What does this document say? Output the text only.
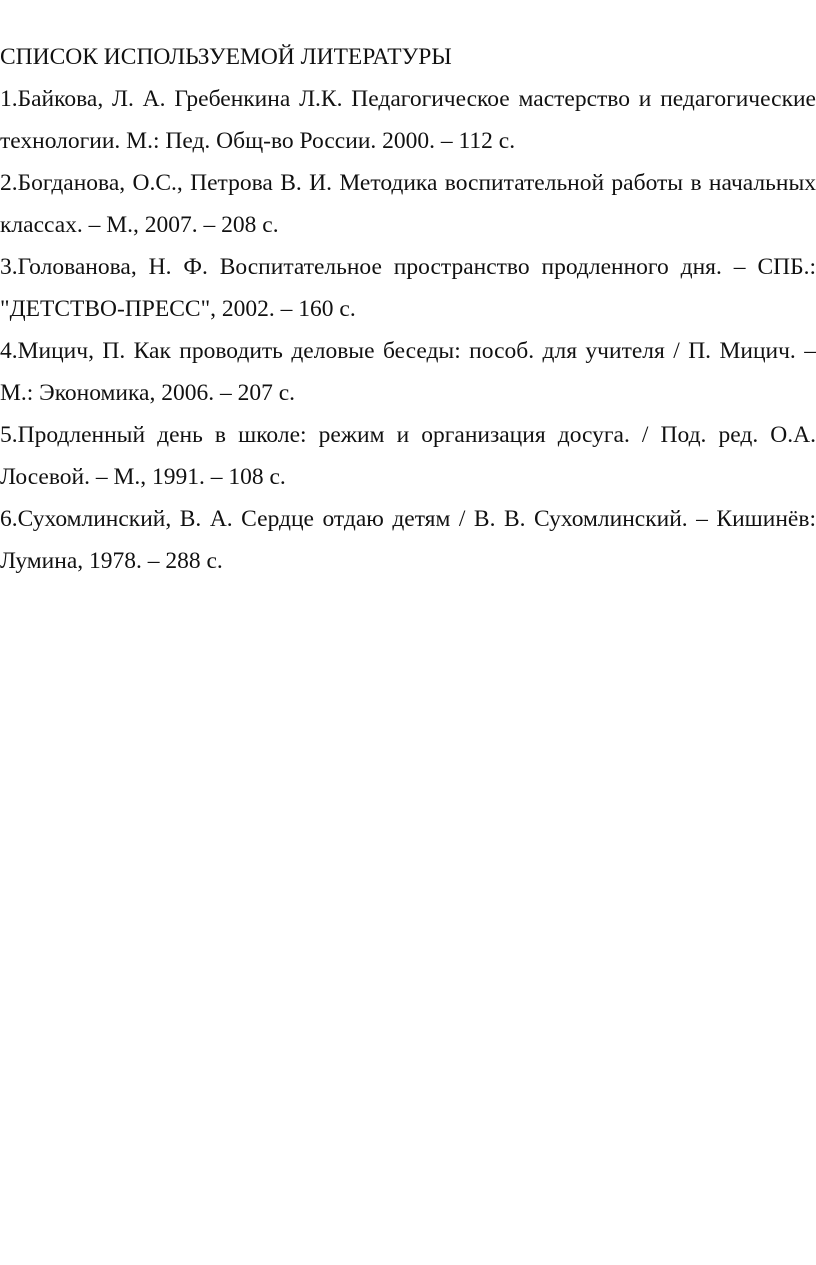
СПИСОК ИСПОЛЬЗУЕМОЙ ЛИТЕРАТУРЫ
1.Байкова, Л. А. Гребенкина Л.К. Педагогическое мастерство и педагогические технологии. М.: Пед. Общ-во России. 2000. – 112 с.
2.Богданова, О.С., Петрова В. И. Методика воспитательной работы в начальных классах. – М., 2007. – 208 с.
3.Голованова, Н. Ф. Воспитательное пространство продленного дня. – СПБ.: "ДЕТСТВО-ПРЕСС", 2002. – 160 с.
4.Мицич, П. Как проводить деловые беседы: пособ. для учителя / П. Мицич. – М.: Экономика, 2006. – 207 с.
5.Продленный день в школе: режим и организация досуга. / Под. ред. О.А. Лосевой. – М., 1991. – 108 с.
6.Сухомлинский, В. А. Сердце отдаю детям / В. В. Сухомлинский. – Кишинёв: Лумина, 1978. – 288 с.
